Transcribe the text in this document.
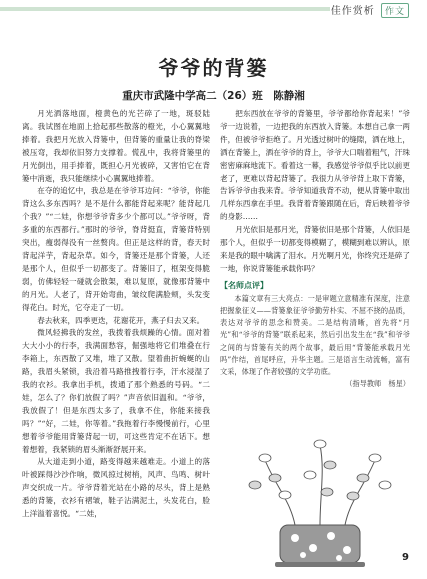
佳作赏析 作文
爷爷的背篓
重庆市武隆中学高二（26）班　陈静湘

月光洒落地面，橙黄色的光芒碎了一地，斑驳陆离。我试图在地面上拾起那些散落的橙光，小心翼翼地捧着。我把月光放入背篓中，但背篓的重量让我的脊梁被压弯，我却依旧努力支撑着。慌乱中，我将背篓里的月光倒出，用手捧着，既担心月光被碎，又害怕它在背篓中消逝，我只能继续小心翼翼地捧着。

在夺的追忆中，我总是在爷爷耳边问：“爷爷，你能背这么多东西吗？是不是什么都能背起来呢？能背起几个我？”“二娃，你想爷爷背多少个都可以。”爷爷呀，背多重的东西都行。”那时的爷爷，脊背挺直，背篓背特别突出，瘦弱得没有一丝赘肉。但正是这样的背，春天时背起洋芋，背起杂草。如今，背篓还是那个背篓，人还是那个人，但似乎一切都变了。背篓旧了，框架变得脆弱，仿佛轻轻一碰就会散架，难以复原，就像那背篓中的月光。人老了，背开始弯曲，皱纹爬满脸颊，头发变得花白。时光，它夺走了一切。

春去秋来，四季更迭，花谢花开，燕子归去又来。

微风轻拂我的发丝，我拨着我烦躁的心情。面对着大大小小的行李，我满面愁容，倔强地将它们堆叠在行李箱上，东西散了又堆，堆了又散。望着曲折蜿蜒的山路，我眉头紧锁，我沿着马路推拽着行李，汗水浸湿了我的衣衫。我拿出手机，拨通了那个熟悉的号码。“二娃，怎么了？你们放假了吗？”声音依旧温和。“爷爷，我放假了！但是东西太多了，我拿不住，你能来接我吗？”“好，二娃，你等着。”我拖着行李慢慢前行，心里想着爷爷能用背篓背起一切，可这些肯定不在话下。想着想着，我紧锁的眉头渐渐舒展开来。

从大道走到小道，路变得越来越难走。小道上的落叶被踩得沙沙作响，微风掠过树梢，风声、鸟鸣、树叶声交织成一片。爷爷背着光站在小路的尽头，背上是熟悉的背篓，衣衫有褶皱，鞋子沾满泥土，头发花白，脸上洋溢着喜悦。“二娃，

把东西放在爷爷的背篓里，爷爷都给你背起来！”爷爷一边说着，一边把我的东西放入背篓。本想自己拿一两件，但被爷爷拒绝了。月光透过树叶的缝隙，洒在地上，洒在背篓上，洒在爷爷的背上，爷爷大口喘着粗气，汗珠密密麻麻地流下。看着这一幕，我感觉爷爷似乎比以前更老了，更难以背起背篓了。我很力从爷爷背上取下背篓，告诉爷爷由我来背。爷爷知道我背不动，便从背篓中取出几样东西拿在手里。我背着背篓跟随在后，背后映着爷爷的身影……

月光依旧是那月光，背篓依旧是那个背篓，人依旧是那个人，但似乎一切都变得模糊了，模糊到难以辨认，原来是我的眼中噙满了泪水。月光啊月光，你终究还是碎了一地，你说背篓能承载你吗？

【名师点评】

本篇文章有三大亮点：一是审题立意精准有深度，注意把握象征义——背篓象征爷爷勤劳朴实、不屈不挠的品质，表达对爷爷的思念和赞美。二是结构清晰，首先将“月光”和“爷爷的背篓”联系起来，然后引出发生在“我”和爷爷之间的与背篓有关的两个故事，最后用“背篓能承载月光吗”作结，首尾呼应，升华主题。三是语言生动流畅，富有文采，体现了作者较强的文学功底。

（指导教师　杨星）
9
